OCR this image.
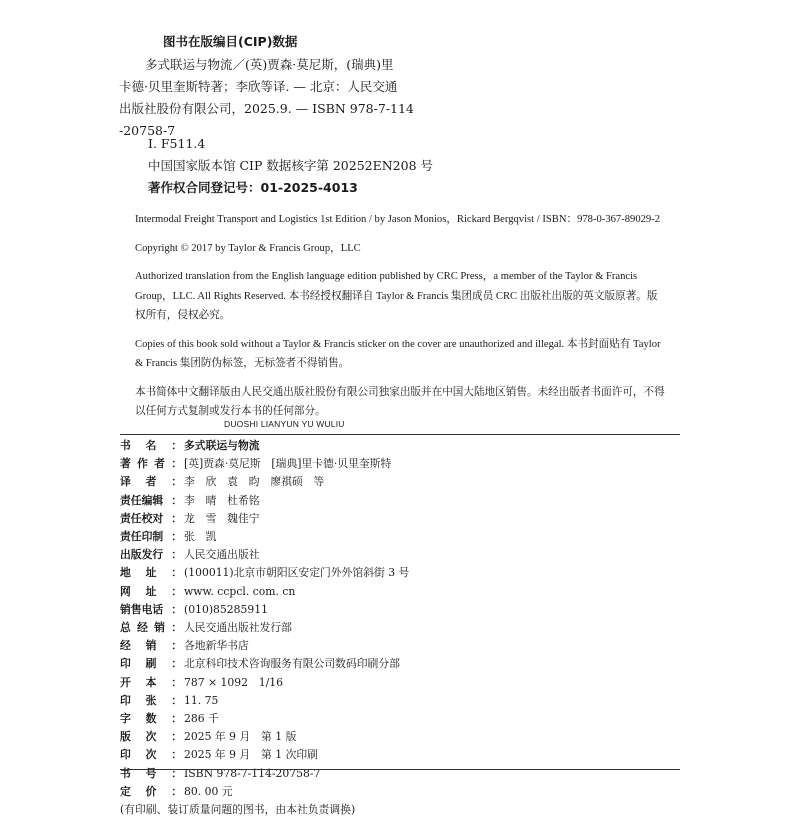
图书在版编目(CIP)数据
多式联运与物流／(英)贾森·莫尼斯，(瑞典)里
卡德·贝里奎斯特著；李欣等译. — 北京：人民交通
出版社股份有限公司，2025.9. — ISBN 978-7-114
-20758-7
Ⅰ. F511.4
中国国家版本馆 CIP 数据核字第 20252EN208 号
著作权合同登记号：01-2025-4013

Intermodal Freight Transport and Logistics 1st Edition / by Jason Monios，Rickard Bergqvist / ISBN：978-0-367-89029-2

Copyright © 2017 by Taylor & Francis Group，LLC

Authorized translation from the English language edition published by CRC Press，a member of the Taylor & Francis Group，LLC. All Rights Reserved. 本书经授权翻译自 Taylor & Francis 集团成员 CRC 出版社出版的英文版原著。版权所有，侵权必究。

Copies of this book sold without a Taylor & Francis sticker on the cover are unauthorized and illegal. 本书封面贴有 Taylor & Francis 集团防伪标签，无标签者不得销售。

本书简体中文翻译版由人民交通出版社股份有限公司独家出版并在中国大陆地区销售。未经出版者书面许可，不得以任何方式复制或发行本书的任何部分。

DUOSHI LIANYUN YU WULIU
书 名 ： 多式联运与物流
著 作 者 ： [英]贾森·莫尼斯　[瑞典]里卡德·贝里奎斯特
译 者 ： 李　欣　袁　昀　廖祺硕　等
责任编辑 ： 李　晴　杜希铭
责任校对 ： 龙　雪　魏佳宁
责任印制 ： 张　凯
出版发行 ： 人民交通出版社
地 址 ： (100011)北京市朝阳区安定门外外馆斜街 3 号
网 址 ： www. ccpcl. com. cn
销售电话 ： (010)85285911
总 经 销 ： 人民交通出版社发行部
经 销 ： 各地新华书店
印 刷 ： 北京科印技术咨询服务有限公司数码印刷分部
开 本 ： 787 × 1092　1/16
印 张 ： 11. 75
字 数 ： 286 千
版 次 ： 2025 年 9 月　第 1 版
印 次 ： 2025 年 9 月　第 1 次印刷
书 号 ： ISBN 978-7-114-20758-7
定 价 ： 80. 00 元
(有印刷、装订质量问题的图书，由本社负责调换)
